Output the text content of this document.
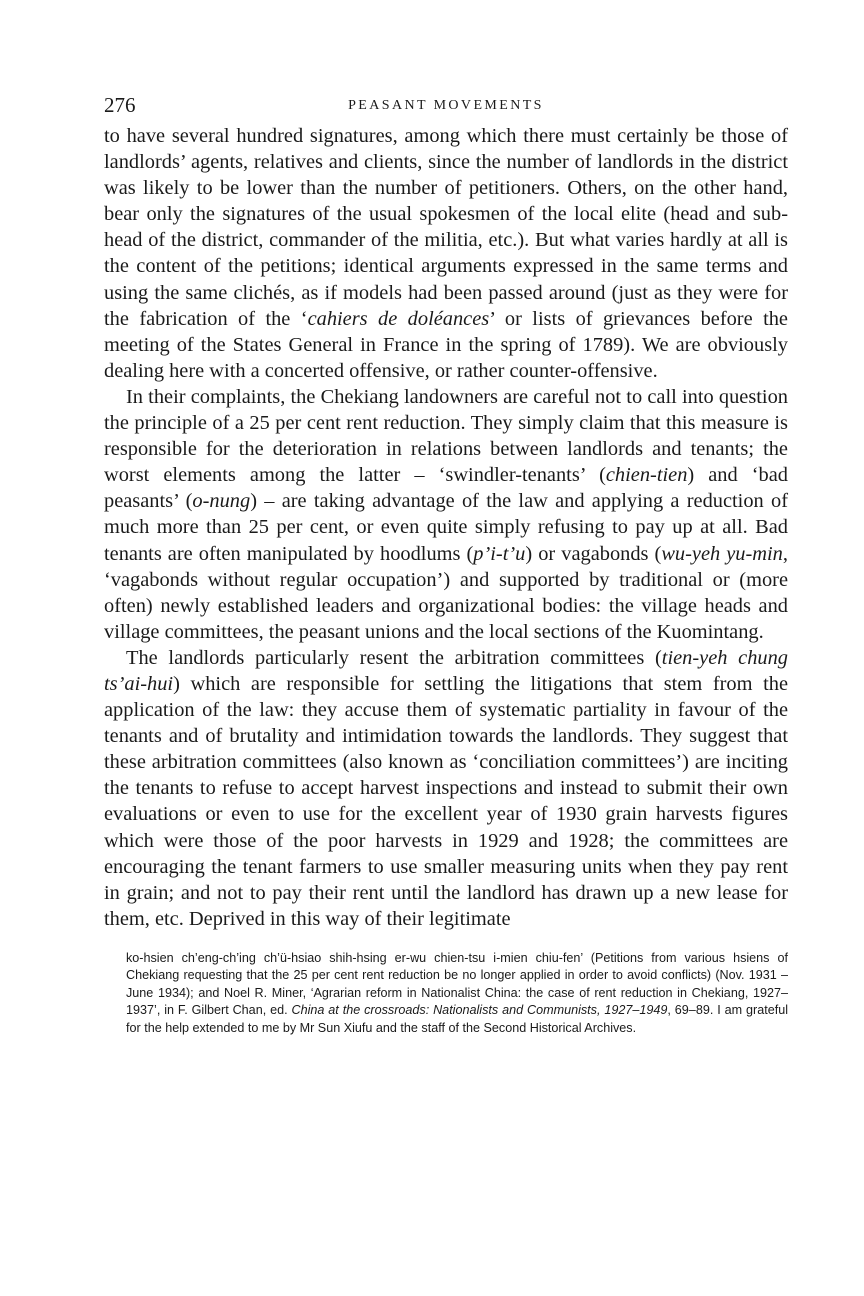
276	PEASANT MOVEMENTS

to have several hundred signatures, among which there must certainly be those of landlords’ agents, relatives and clients, since the number of landlords in the district was likely to be lower than the number of petitioners. Others, on the other hand, bear only the signatures of the usual spokesmen of the local elite (head and sub-head of the district, commander of the militia, etc.). But what varies hardly at all is the content of the petitions; identical arguments expressed in the same terms and using the same clichés, as if models had been passed around (just as they were for the fabrication of the ‘cahiers de doléances’ or lists of grievances before the meeting of the States General in France in the spring of 1789). We are obviously dealing here with a concerted offensive, or rather counter-offensive.

In their complaints, the Chekiang landowners are careful not to call into question the principle of a 25 per cent rent reduction. They simply claim that this measure is responsible for the deterioration in relations between landlords and tenants; the worst elements among the latter – ‘swindler-tenants’ (chien-tien) and ‘bad peasants’ (o-nung) – are taking advantage of the law and applying a reduction of much more than 25 per cent, or even quite simply refusing to pay up at all. Bad tenants are often manipulated by hoodlums (p’i-t’u) or vagabonds (wu-yeh yu-min, ‘vagabonds without regular occupation’) and supported by traditional or (more often) newly established leaders and organizational bodies: the village heads and village committees, the peasant unions and the local sections of the Kuomintang.

The landlords particularly resent the arbitration committees (tien-yeh chung ts’ai-hui) which are responsible for settling the litigations that stem from the application of the law: they accuse them of systematic partiality in favour of the tenants and of brutality and intimidation towards the landlords. They suggest that these arbitration committees (also known as ‘conciliation committees’) are inciting the tenants to refuse to accept harvest inspections and instead to submit their own evaluations or even to use for the excellent year of 1930 grain harvests figures which were those of the poor harvests in 1929 and 1928; the committees are encouraging the tenant farmers to use smaller measuring units when they pay rent in grain; and not to pay their rent until the landlord has drawn up a new lease for them, etc. Deprived in this way of their legitimate

ko-hsien ch’eng-ch’ing ch’ü-hsiao shih-hsing er-wu chien-tsu i-mien chiu-fen’ (Petitions from various hsiens of Chekiang requesting that the 25 per cent rent reduction be no longer applied in order to avoid conflicts) (Nov. 1931 – June 1934); and Noel R. Miner, ‘Agrarian reform in Nationalist China: the case of rent reduction in Chekiang, 1927–1937’, in F. Gilbert Chan, ed. China at the crossroads: Nationalists and Communists, 1927–1949, 69–89. I am grateful for the help extended to me by Mr Sun Xiufu and the staff of the Second Historical Archives.
